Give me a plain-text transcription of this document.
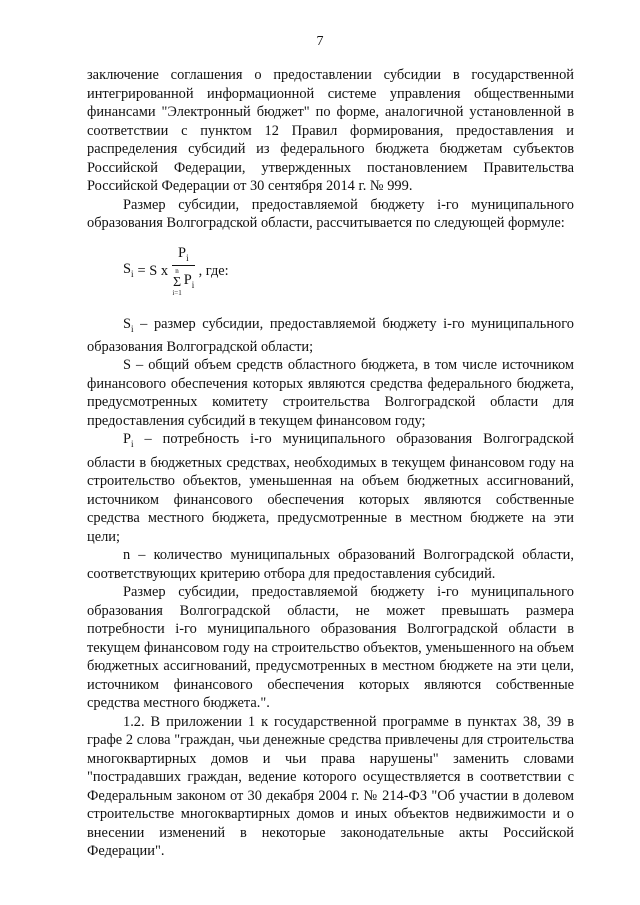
7

заключение соглашения о предоставлении субсидии в государственной интегрированной информационной системе управления общественными финансами "Электронный бюджет" по форме, аналогичной установленной в соответствии с пунктом 12 Правил формирования, предоставления и распределения субсидий из федерального бюджета бюджетам субъектов Российской Федерации, утвержденных постановлением Правительства Российской Федерации от 30 сентября 2014 г. № 999.

Размер субсидии, предоставляемой бюджету i-го муниципального образования Волгоградской области, рассчитывается по следующей формуле:

$S_i = S$ x $P_i$
n
Σ
i=1
$P_i$ , где:

$S_i$ – размер субсидии, предоставляемой бюджету i-го муниципального образования Волгоградской области;

S – общий объем средств областного бюджета, в том числе источником финансового обеспечения которых являются средства федерального бюджета, предусмотренных комитету строительства Волгоградской области для предоставления субсидий в текущем финансовом году;

$P_i$ – потребность i-го муниципального образования Волгоградской области в бюджетных средствах, необходимых в текущем финансовом году на строительство объектов, уменьшенная на объем бюджетных ассигнований, источником финансового обеспечения которых являются собственные средства местного бюджета, предусмотренные в местном бюджете на эти цели;

n – количество муниципальных образований Волгоградской области, соответствующих критерию отбора для предоставления субсидий.

Размер субсидии, предоставляемой бюджету i-го муниципального образования Волгоградской области, не может превышать размера потребности i-го муниципального образования Волгоградской области в текущем финансовом году на строительство объектов, уменьшенного на объем бюджетных ассигнований, предусмотренных в местном бюджете на эти цели, источником финансового обеспечения которых являются собственные средства местного бюджета.".

1.2. В приложении 1 к государственной программе в пунктах 38, 39 в графе 2 слова "граждан, чьи денежные средства привлечены для строительства многоквартирных домов и чьи права нарушены" заменить словами "пострадавших граждан, ведение которого осуществляется в соответствии с Федеральным законом от 30 декабря 2004 г. № 214-ФЗ "Об участии в долевом строительстве многоквартирных домов и иных объектов недвижимости и о внесении изменений в некоторые законодательные акты Российской Федерации".
